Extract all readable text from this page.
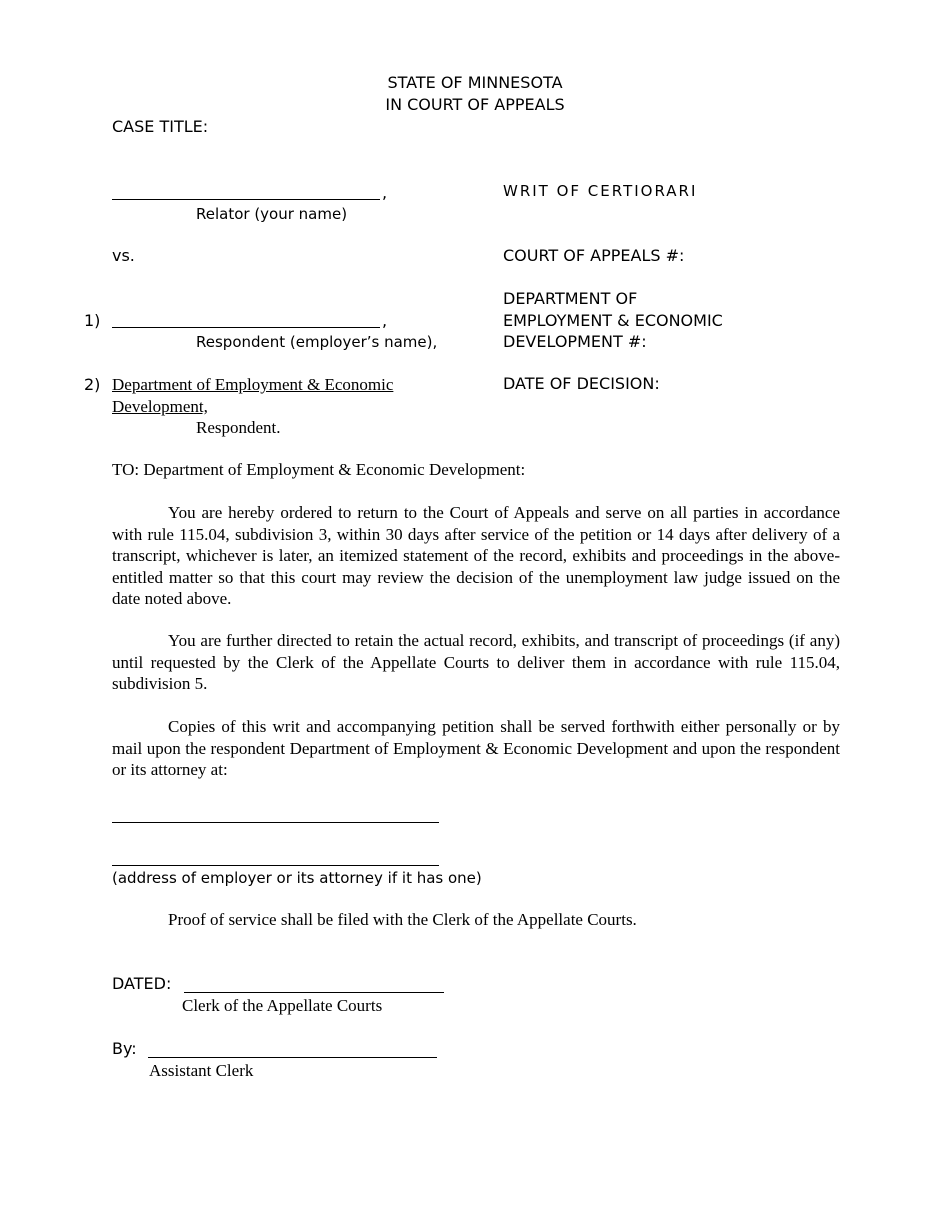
STATE OF MINNESOTA
IN COURT OF APPEALS
CASE TITLE:
,
Relator (your name)
vs.
1)	,
Respondent (employer’s name),
2) Department of Employment & Economic
Development,
Respondent.
WRIT OF CERTIORARI
COURT OF APPEALS #:
DEPARTMENT OF
EMPLOYMENT & ECONOMIC
DEVELOPMENT #:
DATE OF DECISION:
TO: Department of Employment & Economic Development:
You are hereby ordered to return to the Court of Appeals and serve on all parties in accordance with rule 115.04, subdivision 3, within 30 days after service of the petition or 14 days after delivery of a transcript, whichever is later, an itemized statement of the record, exhibits and proceedings in the above-entitled matter so that this court may review the decision of the unemployment law judge issued on the date noted above.
You are further directed to retain the actual record, exhibits, and transcript of proceedings (if any) until requested by the Clerk of the Appellate Courts to deliver them in accordance with rule 115.04, subdivision 5.
Copies of this writ and accompanying petition shall be served forthwith either personally or by mail upon the respondent Department of Employment & Economic Development and upon the respondent or its attorney at:
(address of employer or its attorney if it has one)
Proof of service shall be filed with the Clerk of the Appellate Courts.
DATED:
Clerk of the Appellate Courts
By:
Assistant Clerk
